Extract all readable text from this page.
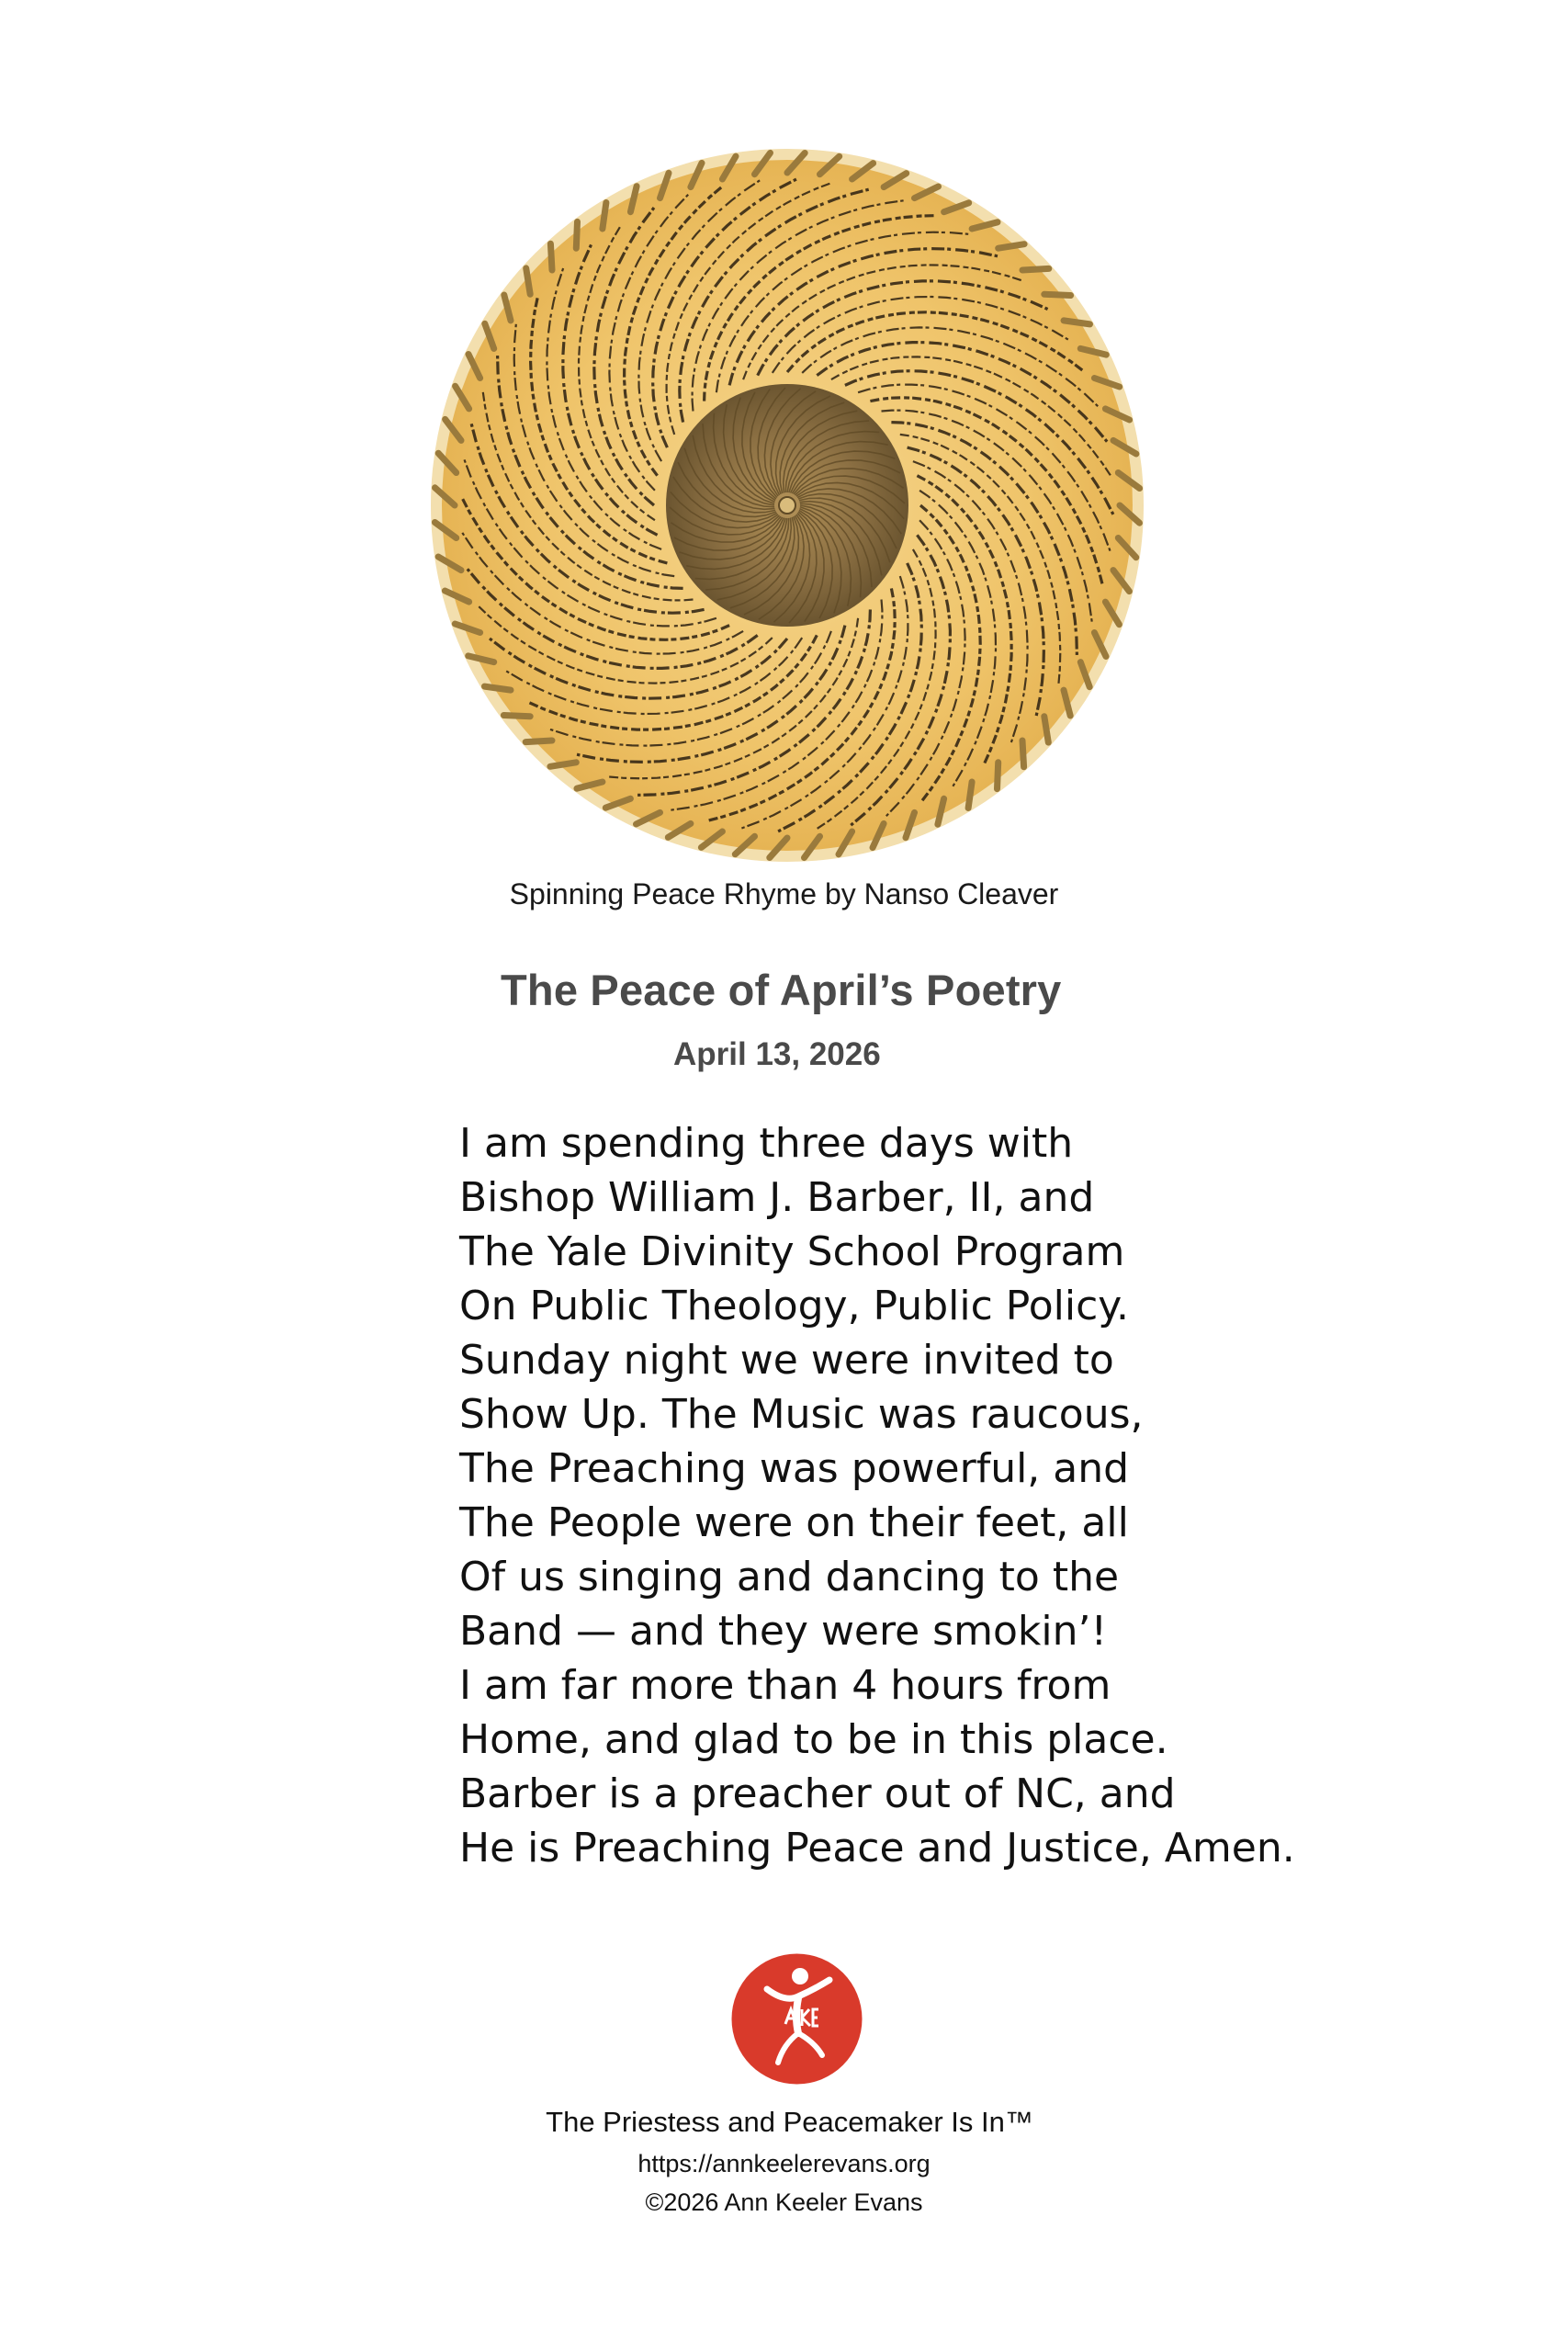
Spinning Peace Rhyme by Nanso Cleaver
The Peace of April’s Poetry
April 13, 2026
I am spending three days with
Bishop William J. Barber, II, and
The Yale Divinity School Program
On Public Theology, Public Policy.
Sunday night we were invited to
Show Up. The Music was raucous,
The Preaching was powerful, and
The People were on their feet, all
Of us singing and dancing to the
Band — and they were smokin’!
I am far more than 4 hours from
Home, and glad to be in this place.
Barber is a preacher out of NC, and
He is Preaching Peace and Justice, Amen.
The Priestess and Peacemaker Is In™
https://annkeelerevans.org
©2026 Ann Keeler Evans
